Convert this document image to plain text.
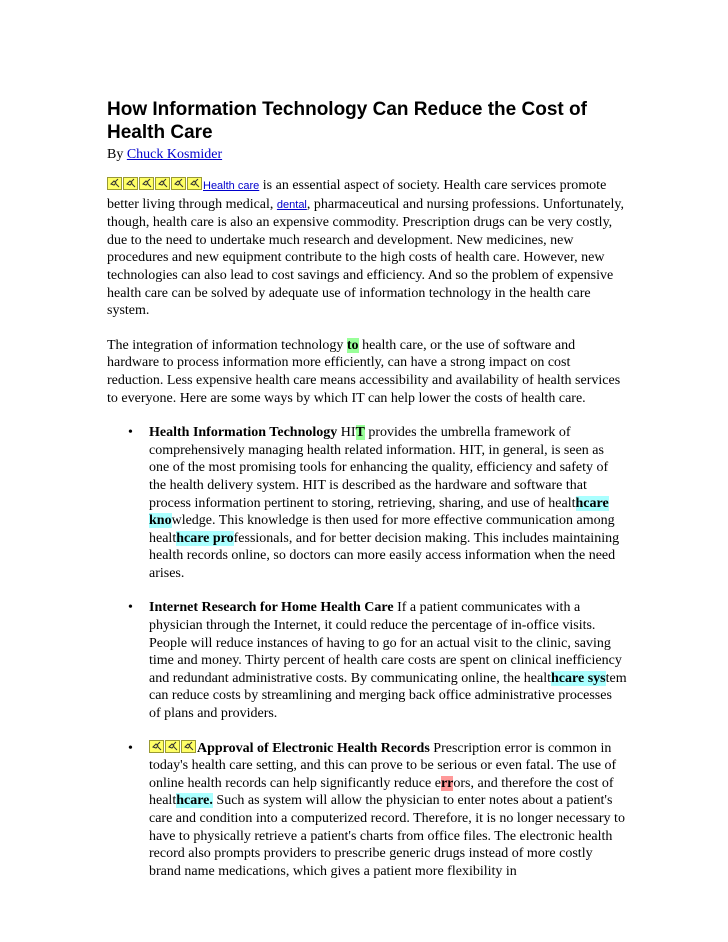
How Information Technology Can Reduce the Cost of Health Care
By Chuck Kosmider

Health care is an essential aspect of society. Health care services promote better living through medical, dental, pharmaceutical and nursing professions. Unfortunately, though, health care is also an expensive commodity. Prescription drugs can be very costly, due to the need to undertake much research and development. New medicines, new procedures and new equipment contribute to the high costs of health care. However, new technologies can also lead to cost savings and efficiency. And so the problem of expensive health care can be solved by adequate use of information technology in the health care system.

The integration of information technology to health care, or the use of software and hardware to process information more efficiently, can have a strong impact on cost reduction. Less expensive health care means accessibility and availability of health services to everyone. Here are some ways by which IT can help lower the costs of health care.

• Health Information Technology HIT provides the umbrella framework of comprehensively managing health related information. HIT, in general, is seen as one of the most promising tools for enhancing the quality, efficiency and safety of the health delivery system. HIT is described as the hardware and software that process information pertinent to storing, retrieving, sharing, and use of healthcare knowledge. This knowledge is then used for more effective communication among healthcare professionals, and for better decision making. This includes maintaining health records online, so doctors can more easily access information when the need arises.
• Internet Research for Home Health Care If a patient communicates with a physician through the Internet, it could reduce the percentage of in-office visits. People will reduce instances of having to go for an actual visit to the clinic, saving time and money. Thirty percent of health care costs are spent on clinical inefficiency and redundant administrative costs. By communicating online, the healthcare system can reduce costs by streamlining and merging back office administrative processes of plans and providers.
•	Approval of Electronic Health Records Prescription error is common in today's health care setting, and this can prove to be serious or even fatal. The use of online health records can help significantly reduce errors, and therefore the cost of healthcare. Such as system will allow the physician to enter notes about a patient's care and condition into a computerized record. Therefore, it is no longer necessary to have to physically retrieve a patient's charts from office files. The electronic health record also prompts providers to prescribe generic drugs instead of more costly brand name medications, which gives a patient more flexibility in
